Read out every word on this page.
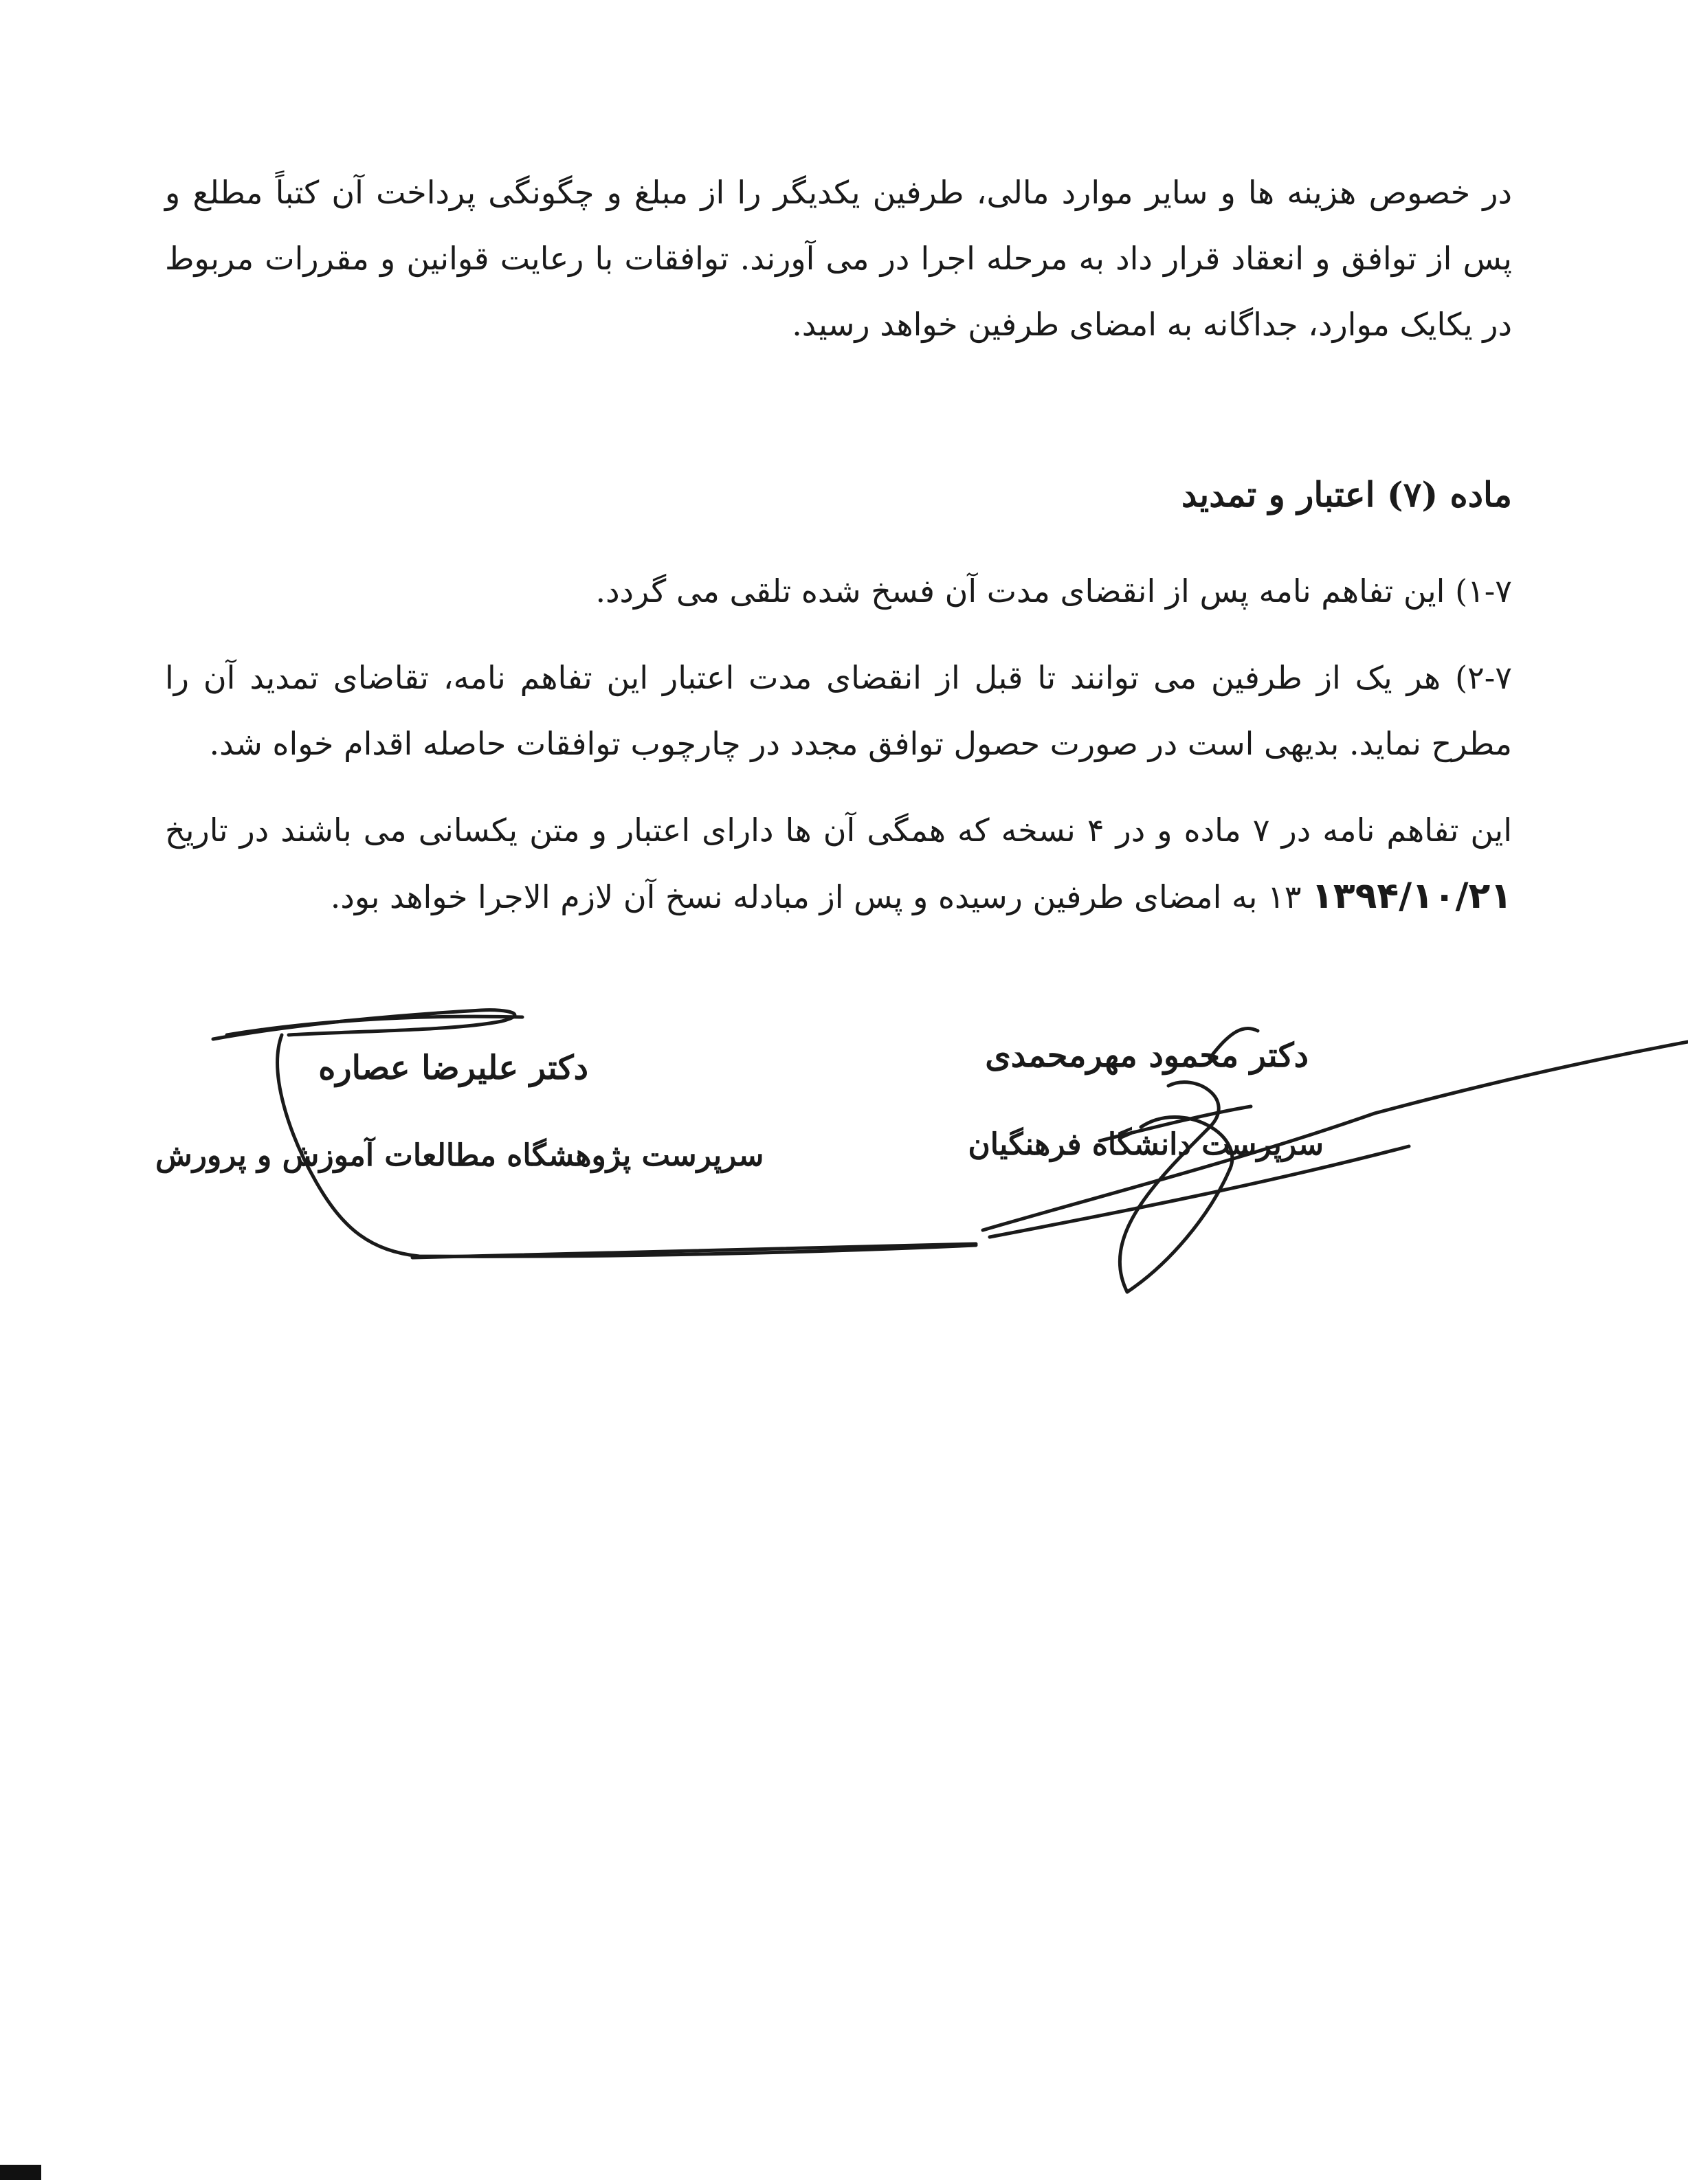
در خصوص هزینه ها و سایر موارد مالی، طرفین یکدیگر را از مبلغ و چگونگی پرداخت آن کتباً مطلع و پس از توافق و انعقاد قرار داد به مرحله اجرا در می آورند. توافقات با رعایت قوانین و مقررات مربوط در یکایک موارد، جداگانه به امضای طرفین خواهد رسید.

ماده (۷) اعتبار و تمدید

۱-۷) این تفاهم نامه پس از انقضای مدت آن فسخ شده تلقی می گردد.

۲-۷) هر یک از طرفین می توانند تا قبل از انقضای مدت اعتبار این تفاهم نامه، تقاضای تمدید آن را مطرح نماید. بدیهی است در صورت حصول توافق مجدد در چارچوب توافقات حاصله اقدام خواه شد.

این تفاهم نامه در ۷ ماده و در ۴ نسخه که همگی آن ها دارای اعتبار و متن یکسانی می باشند در تاریخ ۱۳۹۴/۱۰/۲۱ ۱۳ به امضای طرفین رسیده و پس از مبادله نسخ آن لازم الاجرا خواهد بود.

دکتر محمود مهرمحمدی

سرپرست دانشگاه فرهنگیان

دکتر علیرضا عصاره

سرپرست پژوهشگاه مطالعات آموزش و پرورش
